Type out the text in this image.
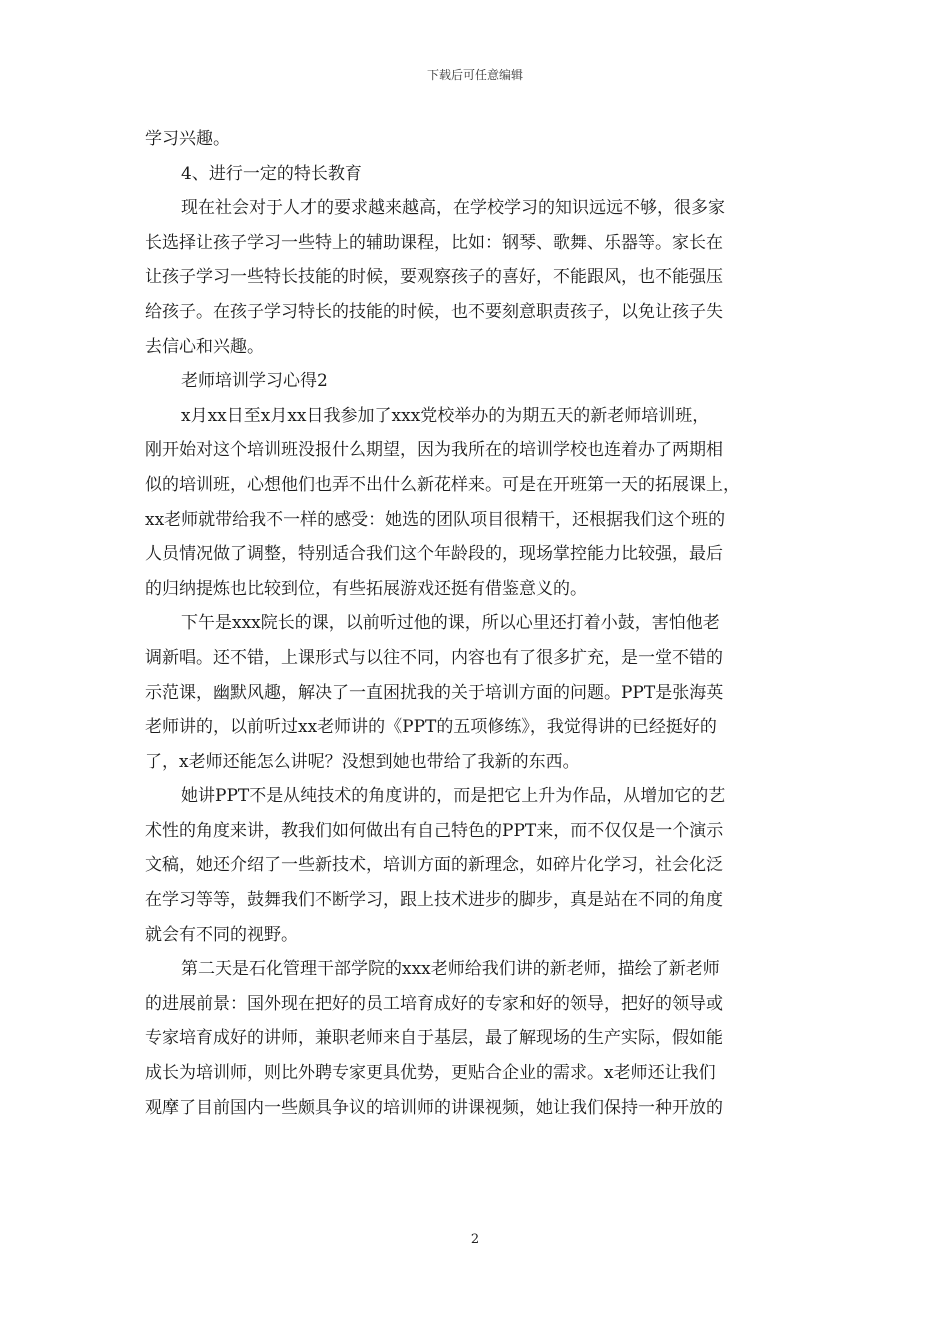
下载后可任意编辑

学习兴趣。

4、进行一定的特长教育

现在社会对于人才的要求越来越高，在学校学习的知识远远不够，很多家
长选择让孩子学习一些特上的辅助课程，比如：钢琴、歌舞、乐器等。家长在
让孩子学习一些特长技能的时候，要观察孩子的喜好，不能跟风，也不能强压
给孩子。在孩子学习特长的技能的时候，也不要刻意职责孩子，以免让孩子失
去信心和兴趣。

老师培训学习心得2

x月xx日至x月xx日我参加了xxx党校举办的为期五天的新老师培训班，
刚开始对这个培训班没报什么期望，因为我所在的培训学校也连着办了两期相
似的培训班，心想他们也弄不出什么新花样来。可是在开班第一天的拓展课上，
xx老师就带给我不一样的感受：她选的团队项目很精干，还根据我们这个班的
人员情况做了调整，特别适合我们这个年龄段的，现场掌控能力比较强，最后
的归纳提炼也比较到位，有些拓展游戏还挺有借鉴意义的。

下午是xxx院长的课，以前听过他的课，所以心里还打着小鼓，害怕他老
调新唱。还不错，上课形式与以往不同，内容也有了很多扩充，是一堂不错的
示范课，幽默风趣，解决了一直困扰我的关于培训方面的问题。PPT是张海英
老师讲的，以前听过xx老师讲的《PPT的五项修练》，我觉得讲的已经挺好的
了，x老师还能怎么讲呢？没想到她也带给了我新的东西。

她讲PPT不是从纯技术的角度讲的，而是把它上升为作品，从增加它的艺
术性的角度来讲，教我们如何做出有自己特色的PPT来，而不仅仅是一个演示
文稿，她还介绍了一些新技术，培训方面的新理念，如碎片化学习，社会化泛
在学习等等，鼓舞我们不断学习，跟上技术进步的脚步，真是站在不同的角度
就会有不同的视野。

第二天是石化管理干部学院的xxx老师给我们讲的新老师，描绘了新老师
的进展前景：国外现在把好的员工培育成好的专家和好的领导，把好的领导或
专家培育成好的讲师，兼职老师来自于基层，最了解现场的生产实际，假如能
成长为培训师，则比外聘专家更具优势，更贴合企业的需求。x老师还让我们
观摩了目前国内一些颇具争议的培训师的讲课视频，她让我们保持一种开放的

2
